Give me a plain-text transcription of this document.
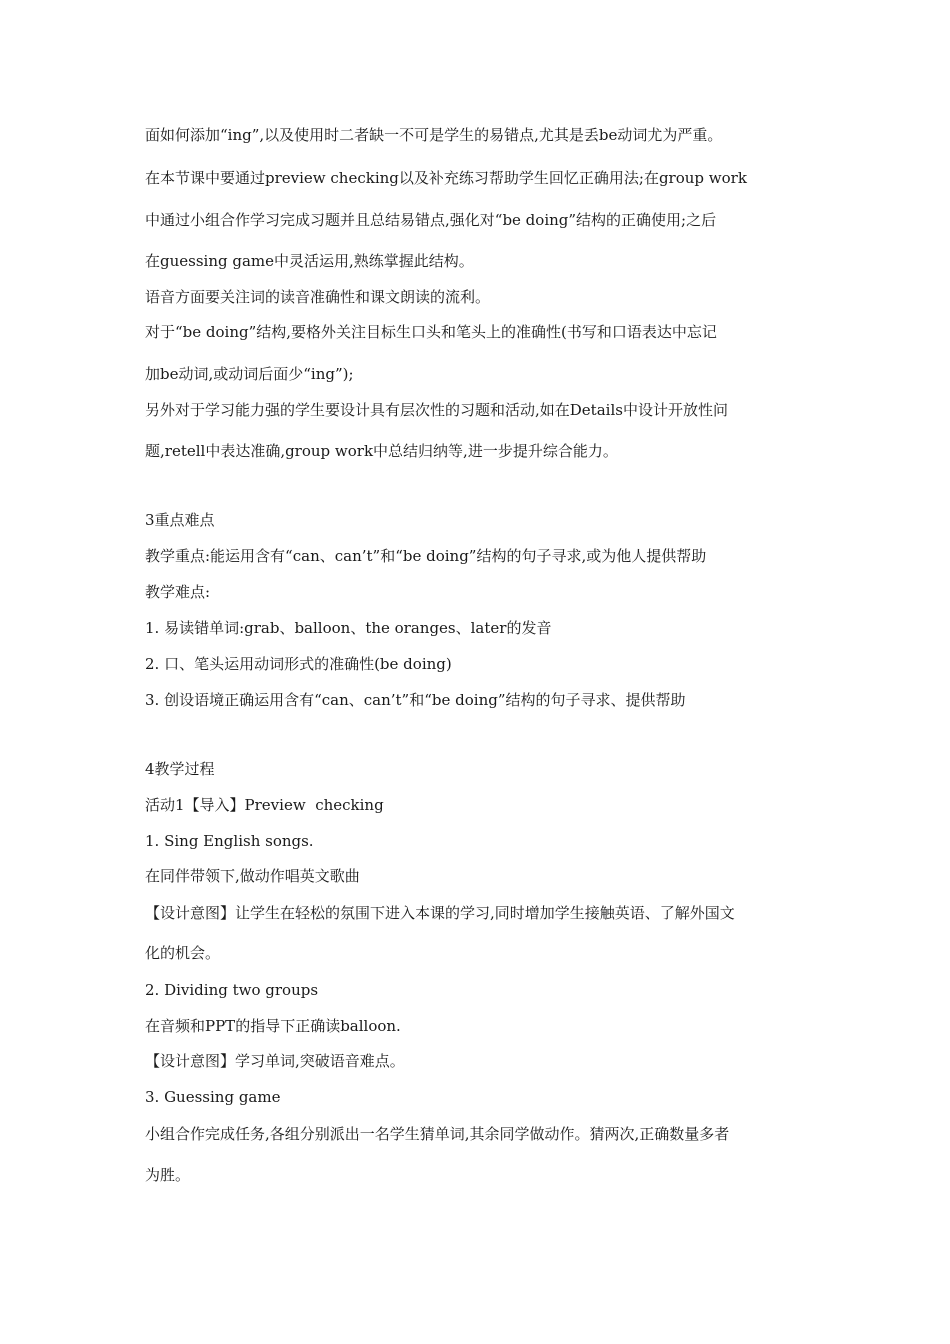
面如何添加“ing”,以及使用时二者缺一不可是学生的易错点,尤其是丢be动词尤为严重。
在本节课中要通过preview checking以及补充练习帮助学生回忆正确用法;在group work
中通过小组合作学习完成习题并且总结易错点,强化对“be doing”结构的正确使用;之后
在guessing game中灵活运用,熟练掌握此结构。
语音方面要关注词的读音准确性和课文朗读的流利。
对于“be doing”结构,要格外关注目标生口头和笔头上的准确性(书写和口语表达中忘记
加be动词,或动词后面少“ing”);
另外对于学习能力强的学生要设计具有层次性的习题和活动,如在Details中设计开放性问
题,retell中表达准确,group work中总结归纳等,进一步提升综合能力。
3重点难点
教学重点:能运用含有“can、can’t”和“be doing”结构的句子寻求,或为他人提供帮助
教学难点:
1. 易读错单词:grab、balloon、the oranges、later的发音
2. 口、笔头运用动词形式的准确性(be doing)
3. 创设语境正确运用含有“can、can’t”和“be doing”结构的句子寻求、提供帮助
4教学过程
活动1【导入】Preview  checking
1. Sing English songs.
在同伴带领下,做动作唱英文歌曲
【设计意图】让学生在轻松的氛围下进入本课的学习,同时增加学生接触英语、了解外国文
化的机会。
2. Dividing two groups
在音频和PPT的指导下正确读balloon.
【设计意图】学习单词,突破语音难点。
3. Guessing game
小组合作完成任务,各组分别派出一名学生猜单词,其余同学做动作。猜两次,正确数量多者
为胜。
